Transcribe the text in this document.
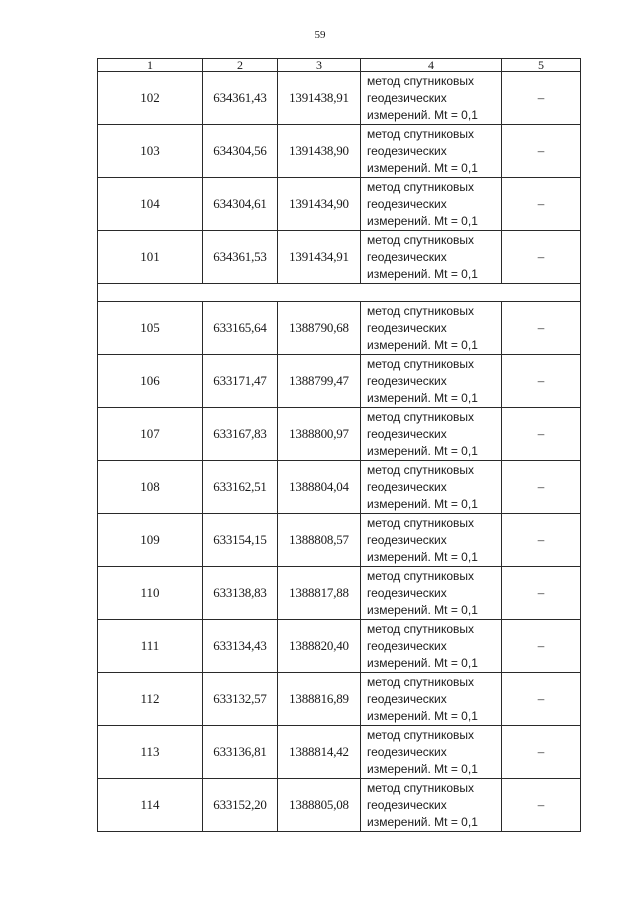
59
1	2	3	4	5
102	634361,43	1391438,91	метод спутниковых
геодезических
измерений. Mt = 0,1	–
103	634304,56	1391438,90	метод спутниковых
геодезических
измерений. Mt = 0,1	–
104	634304,61	1391434,90	метод спутниковых
геодезических
измерений. Mt = 0,1	–
101	634361,53	1391434,91	метод спутниковых
геодезических
измерений. Mt = 0,1	–

105	633165,64	1388790,68	метод спутниковых
геодезических
измерений. Mt = 0,1	–
106	633171,47	1388799,47	метод спутниковых
геодезических
измерений. Mt = 0,1	–
107	633167,83	1388800,97	метод спутниковых
геодезических
измерений. Mt = 0,1	–
108	633162,51	1388804,04	метод спутниковых
геодезических
измерений. Mt = 0,1	–
109	633154,15	1388808,57	метод спутниковых
геодезических
измерений. Mt = 0,1	–
110	633138,83	1388817,88	метод спутниковых
геодезических
измерений. Mt = 0,1	–
111	633134,43	1388820,40	метод спутниковых
геодезических
измерений. Mt = 0,1	–
112	633132,57	1388816,89	метод спутниковых
геодезических
измерений. Mt = 0,1	–
113	633136,81	1388814,42	метод спутниковых
геодезических
измерений. Mt = 0,1	–
114	633152,20	1388805,08	метод спутниковых
геодезических
измерений. Mt = 0,1	–
